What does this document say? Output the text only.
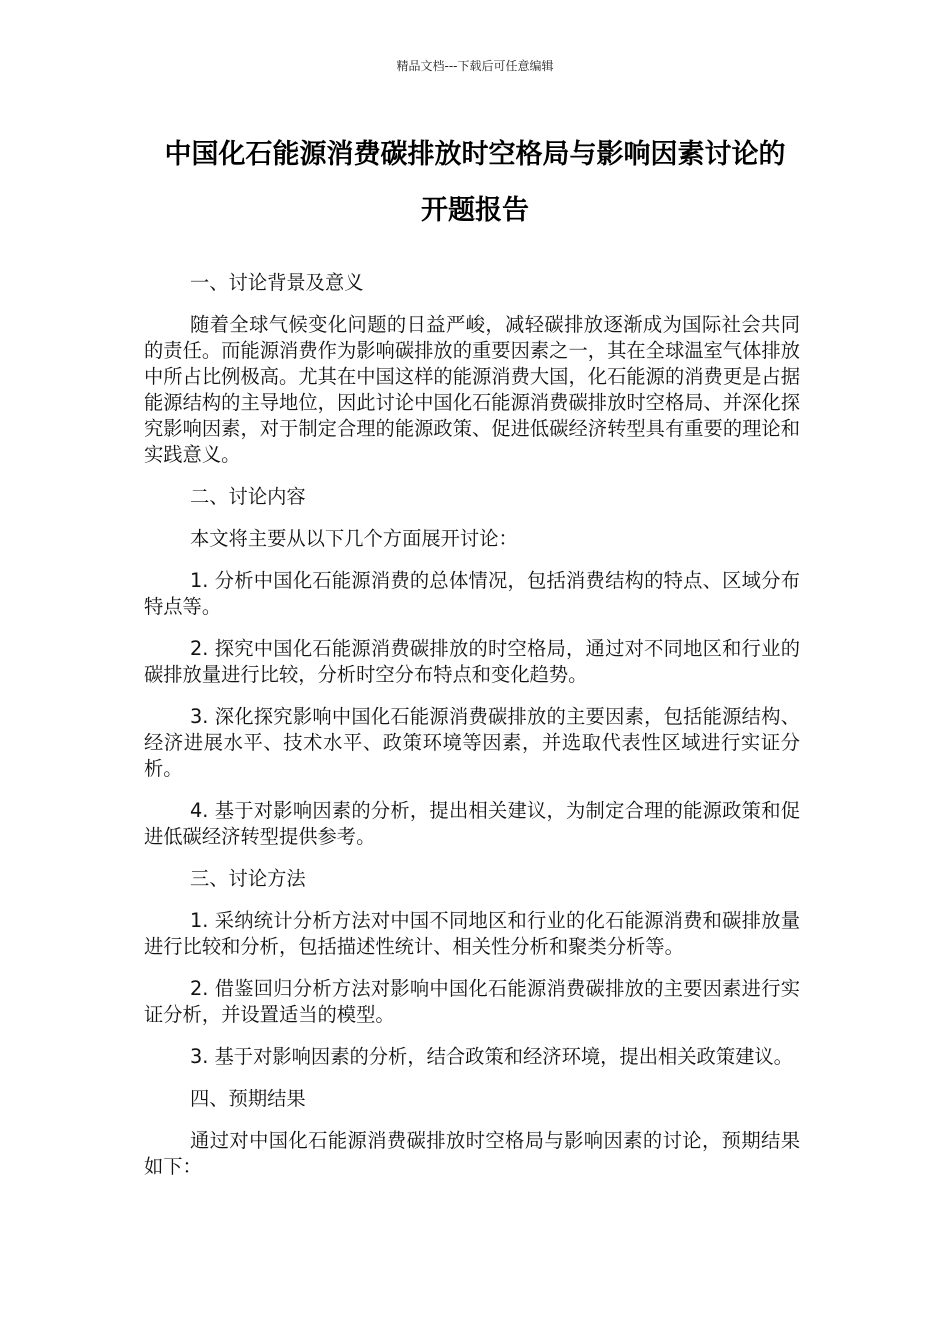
精品文档---下载后可任意编辑
中国化石能源消费碳排放时空格局与影响因素讨论的
开题报告
一、讨论背景及意义
随着全球气候变化问题的日益严峻，减轻碳排放逐渐成为国际社会共同的责任。而能源消费作为影响碳排放的重要因素之一，其在全球温室气体排放中所占比例极高。尤其在中国这样的能源消费大国，化石能源的消费更是占据能源结构的主导地位，因此讨论中国化石能源消费碳排放时空格局、并深化探究影响因素，对于制定合理的能源政策、促进低碳经济转型具有重要的理论和实践意义。
二、讨论内容
本文将主要从以下几个方面展开讨论：
1. 分析中国化石能源消费的总体情况，包括消费结构的特点、区域分布特点等。
2. 探究中国化石能源消费碳排放的时空格局，通过对不同地区和行业的碳排放量进行比较，分析时空分布特点和变化趋势。
3. 深化探究影响中国化石能源消费碳排放的主要因素，包括能源结构、经济进展水平、技术水平、政策环境等因素，并选取代表性区域进行实证分析。
4. 基于对影响因素的分析，提出相关建议，为制定合理的能源政策和促进低碳经济转型提供参考。
三、讨论方法
1. 采纳统计分析方法对中国不同地区和行业的化石能源消费和碳排放量进行比较和分析，包括描述性统计、相关性分析和聚类分析等。
2. 借鉴回归分析方法对影响中国化石能源消费碳排放的主要因素进行实证分析，并设置适当的模型。
3. 基于对影响因素的分析，结合政策和经济环境，提出相关政策建议。
四、预期结果
通过对中国化石能源消费碳排放时空格局与影响因素的讨论，预期结果如下：
